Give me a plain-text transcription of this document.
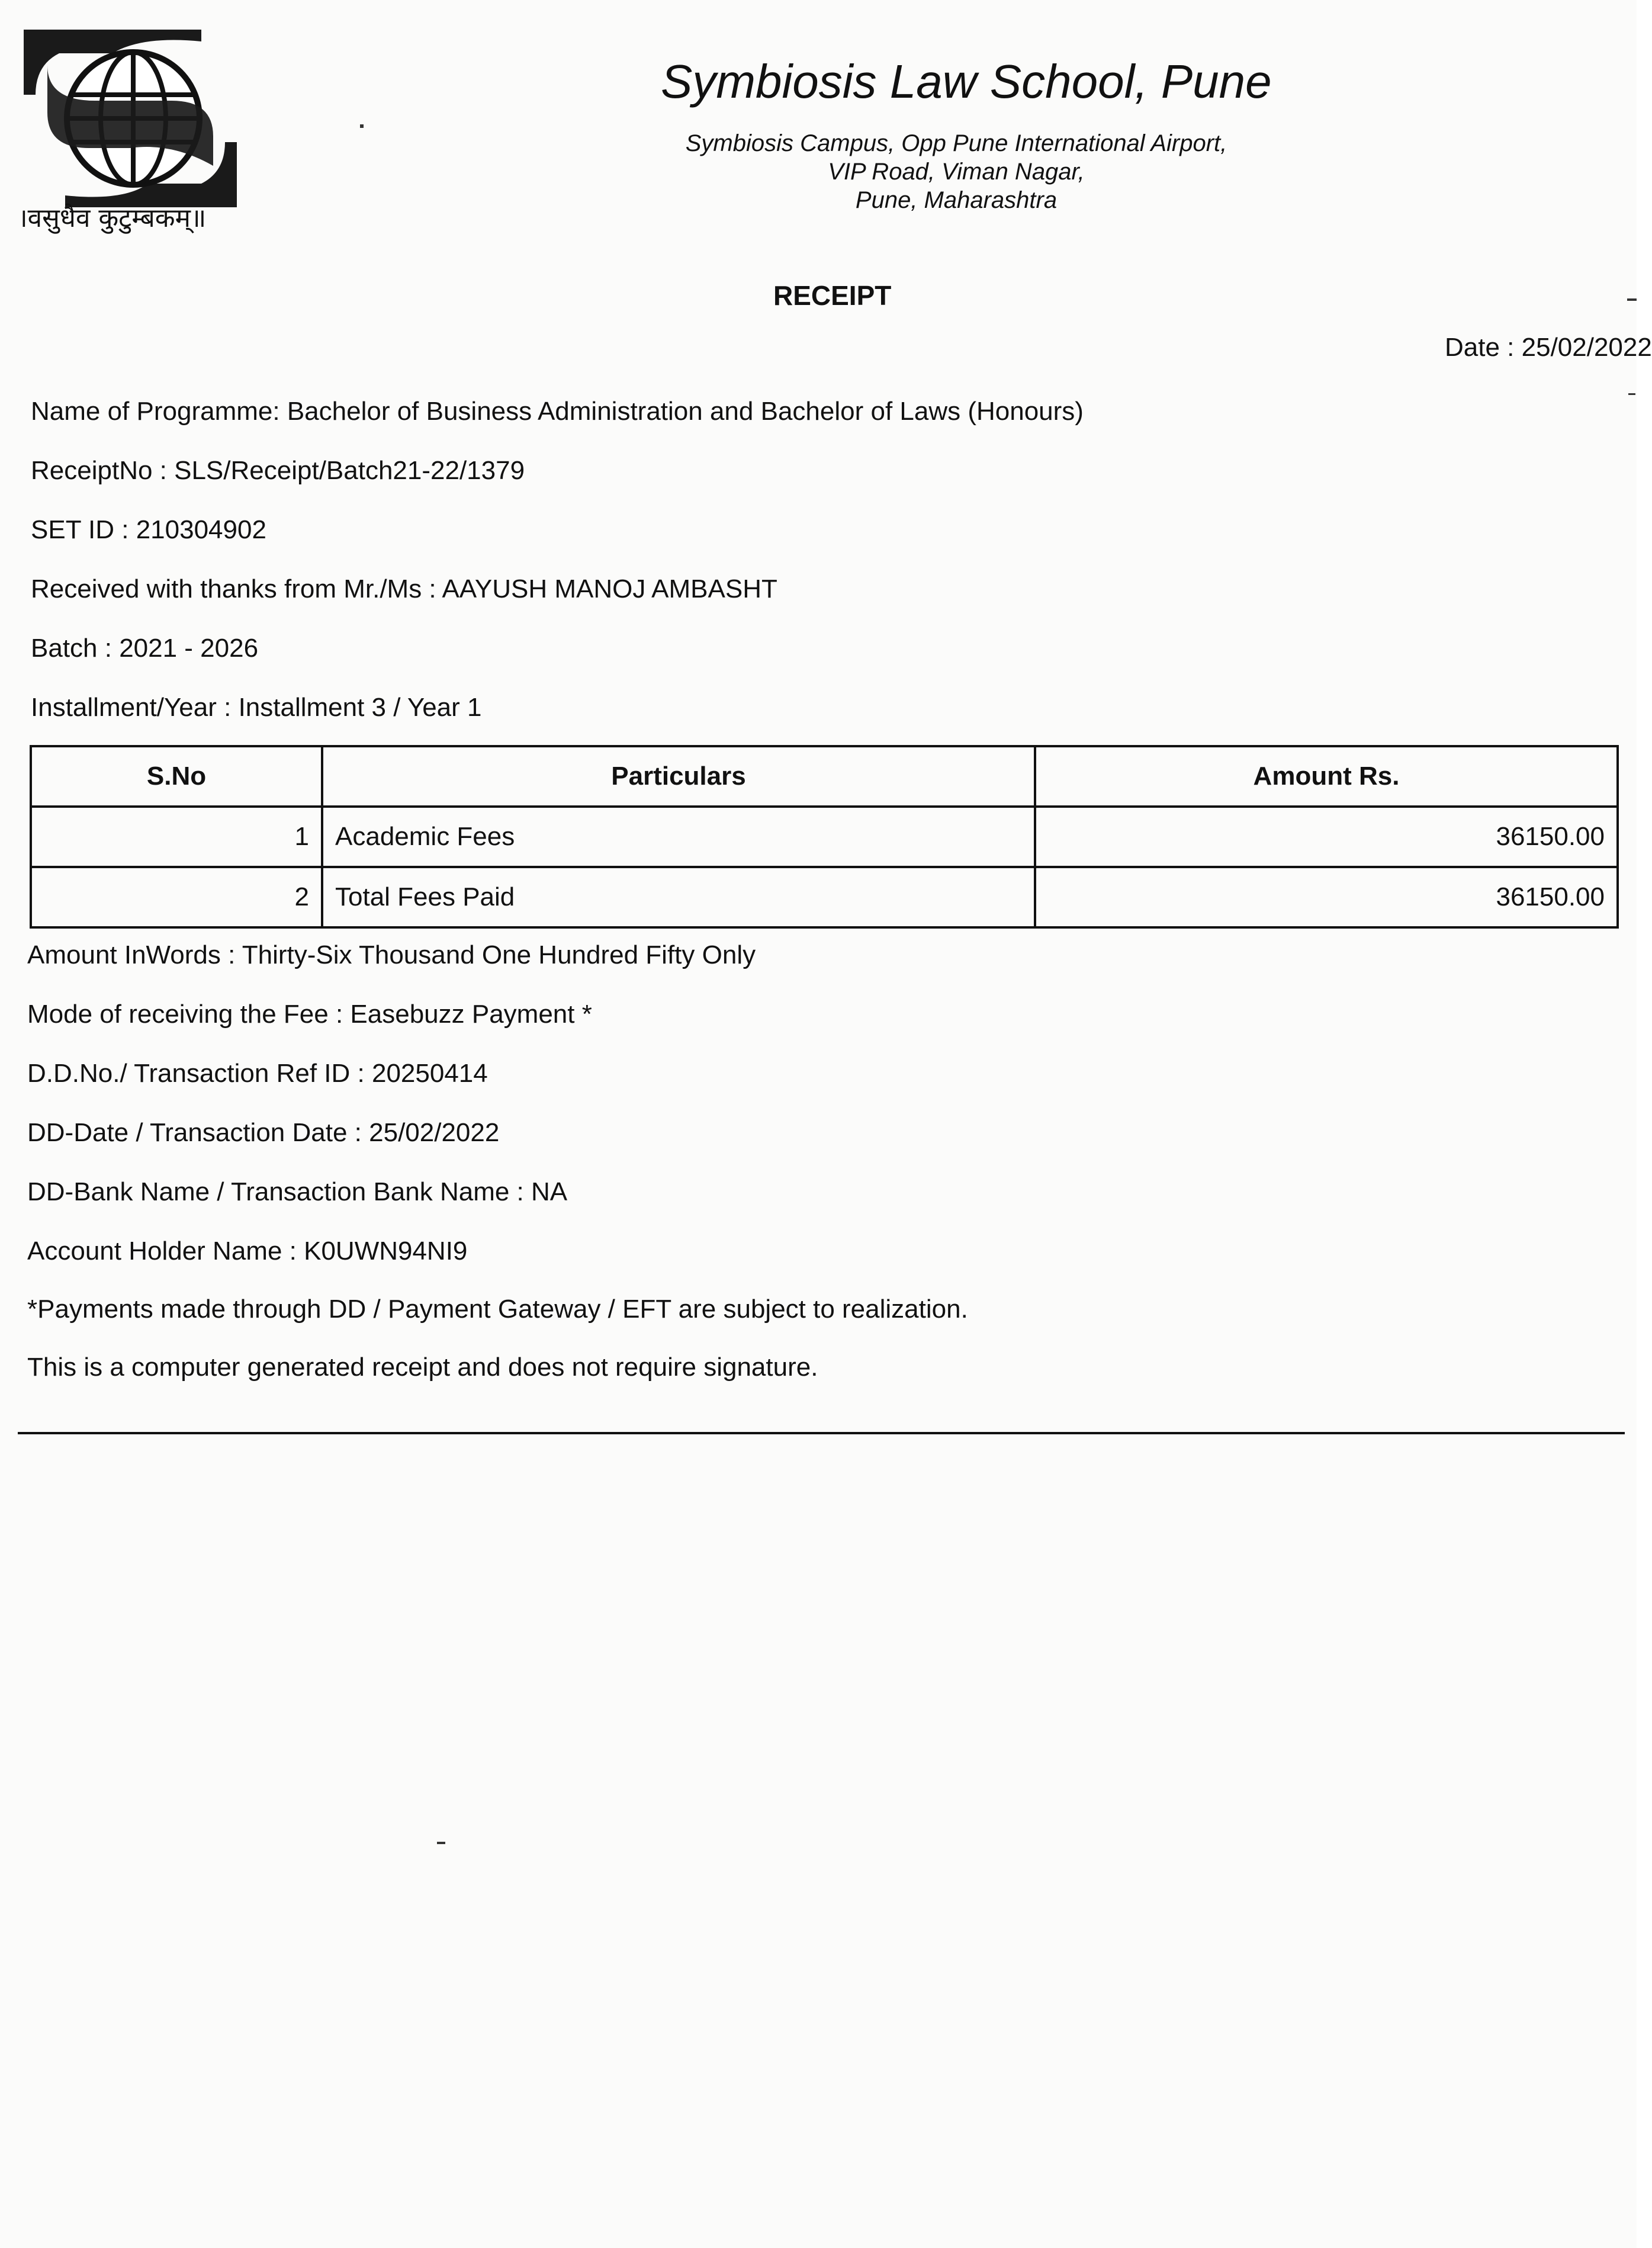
।वसुधैव कुटुम्बकम्॥
Symbiosis Law School, Pune
Symbiosis Campus, Opp Pune International Airport,
VIP Road, Viman Nagar,
Pune, Maharashtra
RECEIPT
Date : 25/02/2022
Name of Programme: Bachelor of Business Administration and Bachelor of Laws (Honours)
ReceiptNo : SLS/Receipt/Batch21-22/1379
SET ID : 210304902
Received with thanks from Mr./Ms : AAYUSH MANOJ AMBASHT
Batch : 2021 - 2026
Installment/Year : Installment 3 / Year 1
S.No	Particulars	Amount Rs.
1	Academic Fees	36150.00
2	Total Fees Paid	36150.00
Amount InWords : Thirty-Six Thousand One Hundred Fifty Only
Mode of receiving the Fee : Easebuzz Payment *
D.D.No./ Transaction Ref ID : 20250414
DD-Date / Transaction Date : 25/02/2022
DD-Bank Name / Transaction Bank Name : NA
Account Holder Name : K0UWN94NI9
*Payments made through DD / Payment Gateway / EFT are subject to realization.
This is a computer generated receipt and does not require signature.
